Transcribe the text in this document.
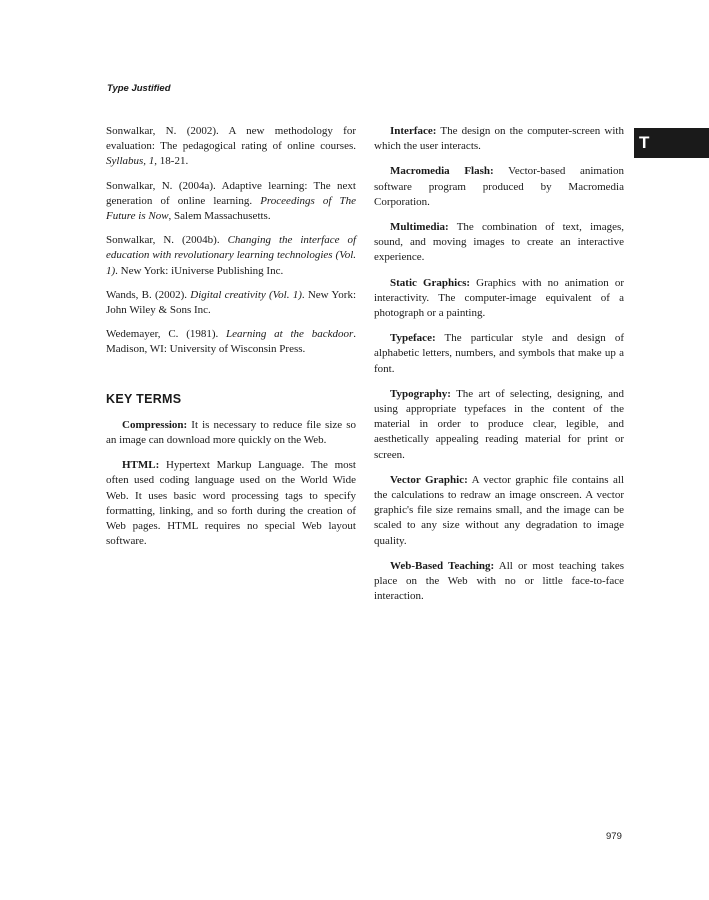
Type Justified
T

Sonwalkar, N. (2002). A new methodology for evaluation: The pedagogical rating of online courses. Syllabus, 1, 18-21.

Sonwalkar, N. (2004a). Adaptive learning: The next generation of online learning. Proceedings of The Future is Now, Salem Massachusetts.

Sonwalkar, N. (2004b). Changing the interface of education with revolutionary learning technologies (Vol. 1). New York: iUniverse Publishing Inc.

Wands, B. (2002). Digital creativity (Vol. 1). New York: John Wiley & Sons Inc.

Wedemayer, C. (1981). Learning at the backdoor. Madison, WI: University of Wisconsin Press.

KEY TERMS

Compression: It is necessary to reduce file size so an image can download more quickly on the Web.

HTML: Hypertext Markup Language. The most often used coding language used on the World Wide Web. It uses basic word processing tags to specify formatting, linking, and so forth during the creation of Web pages. HTML requires no special Web layout software.

Interface: The design on the computer-screen with which the user interacts.

Macromedia Flash: Vector-based animation software program produced by Macromedia Corporation.

Multimedia: The combination of text, images, sound, and moving images to create an interactive experience.

Static Graphics: Graphics with no animation or interactivity. The computer-image equivalent of a photograph or a painting.

Typeface: The particular style and design of alphabetic letters, numbers, and symbols that make up a font.

Typography: The art of selecting, designing, and using appropriate typefaces in the content of the material in order to produce clear, legible, and aesthetically appealing reading material for print or screen.

Vector Graphic: A vector graphic file contains all the calculations to redraw an image onscreen. A vector graphic's file size remains small, and the image can be scaled to any size without any degradation to image quality.

Web-Based Teaching: All or most teaching takes place on the Web with no or little face-to-face interaction.

979
